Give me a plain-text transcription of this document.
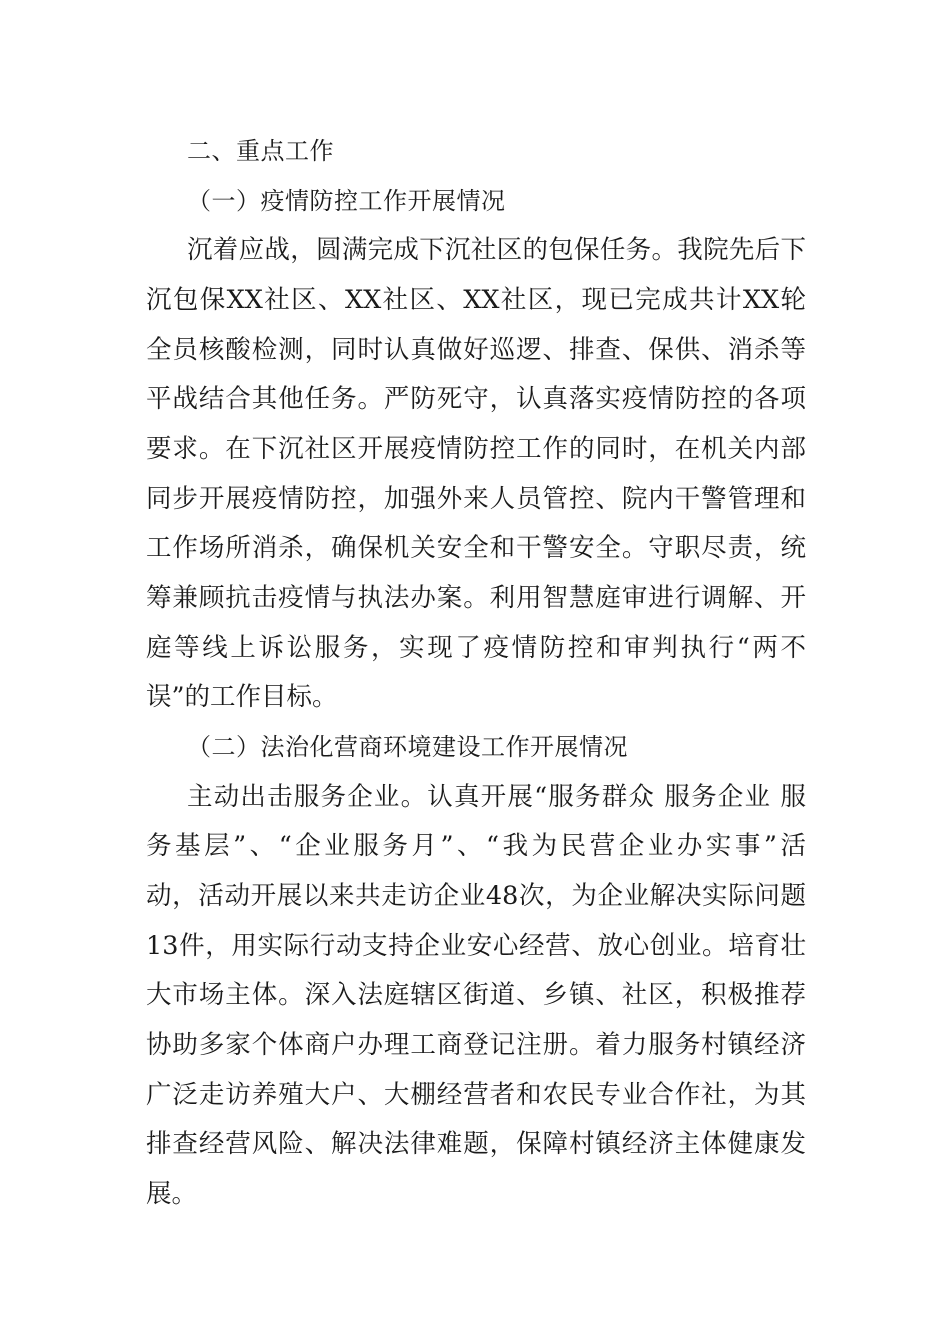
二、重点工作
（一）疫情防控工作开展情况
沉着应战，圆满完成下沉社区的包保任务。我院先后下
沉包保XX社区、XX社区、XX社区，现已完成共计XX轮
全员核酸检测，同时认真做好巡逻、排查、保供、消杀等
平战结合其他任务。严防死守，认真落实疫情防控的各项
要求。在下沉社区开展疫情防控工作的同时，在机关内部
同步开展疫情防控，加强外来人员管控、院内干警管理和
工作场所消杀，确保机关安全和干警安全。守职尽责，统
筹兼顾抗击疫情与执法办案。利用智慧庭审进行调解、开
庭等线上诉讼服务，实现了疫情防控和审判执行“两不
误”的工作目标。
（二）法治化营商环境建设工作开展情况
主动出击服务企业。认真开展“服务群众 服务企业 服
务基层”、“企业服务月”、“我为民营企业办实事”活
动，活动开展以来共走访企业48次，为企业解决实际问题
13件，用实际行动支持企业安心经营、放心创业。培育壮
大市场主体。深入法庭辖区街道、乡镇、社区，积极推荐
协助多家个体商户办理工商登记注册。着力服务村镇经济
广泛走访养殖大户、大棚经营者和农民专业合作社，为其
排查经营风险、解决法律难题，保障村镇经济主体健康发
展。
